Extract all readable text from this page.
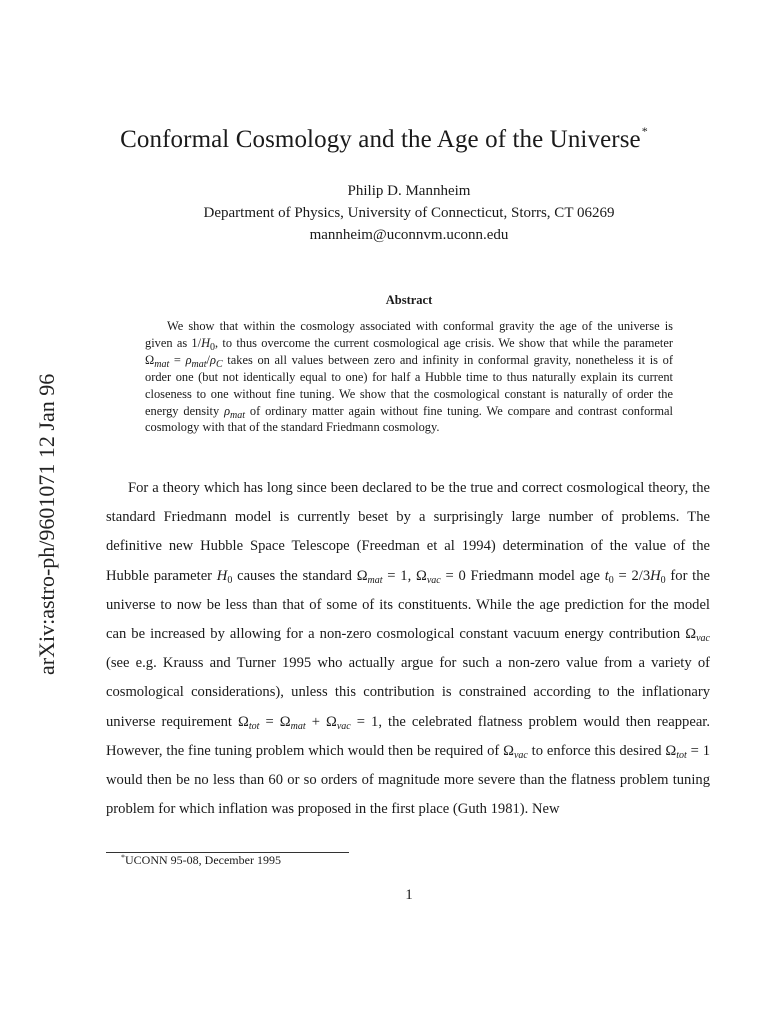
arXiv:astro-ph/9601071 12 Jan 96
Conformal Cosmology and the Age of the Universe*
Philip D. Mannheim
Department of Physics, University of Connecticut, Storrs, CT 06269
mannheim@uconnvm.uconn.edu
Abstract
We show that within the cosmology associated with conformal gravity the age of the universe is given as $1/H_0$, to thus overcome the current cosmological age crisis. We show that while the parameter $\Omega_{mat} = \rho_{mat}/\rho_C$ takes on all values between zero and infinity in conformal gravity, nonetheless it is of order one (but not identically equal to one) for half a Hubble time to thus naturally explain its current closeness to one without fine tuning. We show that the cosmological constant is naturally of order the energy density $\rho_{mat}$ of ordinary matter again without fine tuning. We compare and contrast conformal cosmology with that of the standard Friedmann cosmology.
For a theory which has long since been declared to be the true and correct cosmological theory, the standard Friedmann model is currently beset by a surprisingly large number of problems. The definitive new Hubble Space Telescope (Freedman et al 1994) determination of the value of the Hubble parameter $H_0$ causes the standard $\Omega_{mat} = 1$, $\Omega_{vac} = 0$ Friedmann model age $t_0 = 2/3H_0$ for the universe to now be less than that of some of its constituents. While the age prediction for the model can be increased by allowing for a non-zero cosmological constant vacuum energy contribution $\Omega_{vac}$ (see e.g. Krauss and Turner 1995 who actually argue for such a non-zero value from a variety of cosmological considerations), unless this contribution is constrained according to the inflationary universe requirement $\Omega_{tot} = \Omega_{mat} + \Omega_{vac} = 1$, the celebrated flatness problem would then reappear. However, the fine tuning problem which would then be required of $\Omega_{vac}$ to enforce this desired $\Omega_{tot} = 1$ would then be no less than 60 or so orders of magnitude more severe than the flatness problem tuning problem for which inflation was proposed in the first place (Guth 1981). New
*UCONN 95-08, December 1995
1
